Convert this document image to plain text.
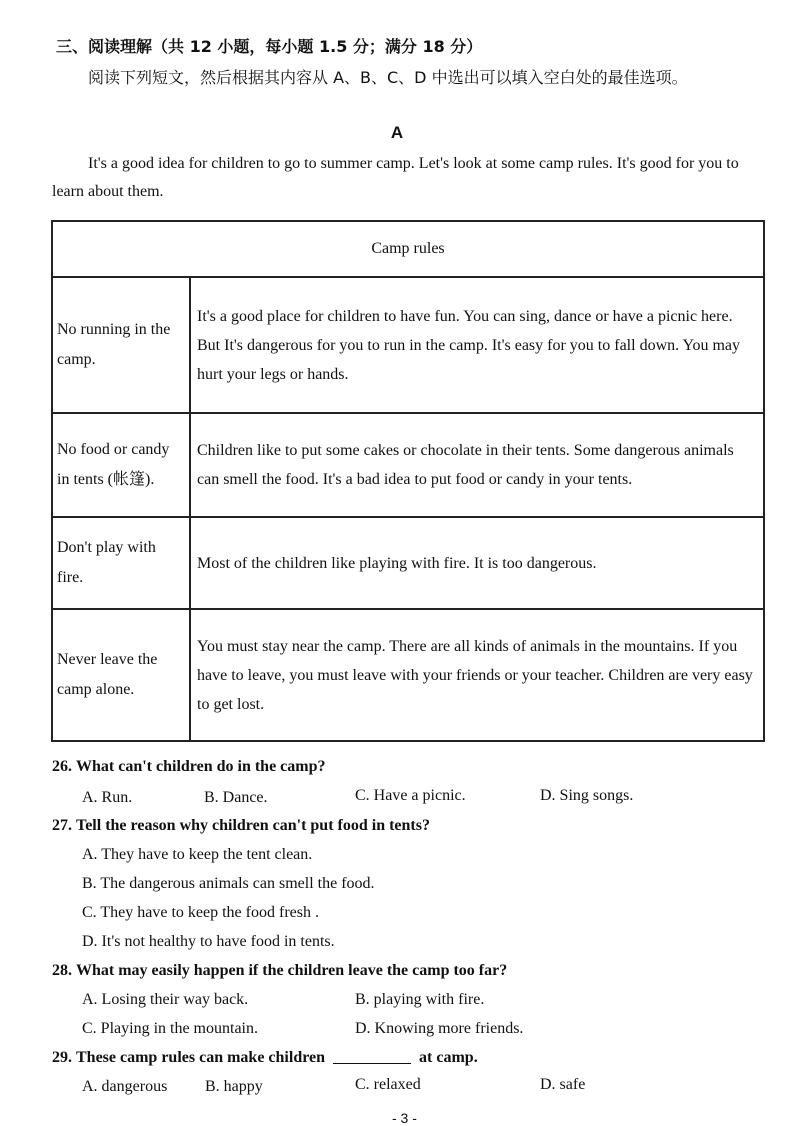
三、阅读理解（共 12 小题，每小题 1.5 分；满分 18 分）
阅读下列短文，然后根据其内容从 A、B、C、D 中选出可以填入空白处的最佳选项。
A
It's a good idea for children to go to summer camp. Let's look at some camp rules. It's good for you to learn about them.
Camp rules	
No running in the camp.	It's a good place for children to have fun. You can sing, dance or have a picnic here. But It's dangerous for you to run in the camp. It's easy for you to fall down. You may hurt your legs or hands.
No food or candy in tents (帐篷).	Children like to put some cakes or chocolate in their tents. Some dangerous animals can smell the food. It's a bad idea to put food or candy in your tents.
Don't play with fire.	Most of the children like playing with fire. It is too dangerous.
Never leave the camp alone.	You must stay near the camp. There are all kinds of animals in the mountains. If you have to leave, you must leave with your friends or your teacher. Children are very easy to get lost.
26. What can't children do in the camp?
A. Run.	B. Dance.	C. Have a picnic.	D. Sing songs.
27. Tell the reason why children can't put food in tents?
A. They have to keep the tent clean.
B. The dangerous animals can smell the food.
C. They have to keep the food fresh .
D. It's not healthy to have food in tents.
28. What may easily happen if the children leave the camp too far?
A. Losing their way back.	B. playing with fire.
C. Playing in the mountain.	D. Knowing more friends.
29. These camp rules can make children	at camp.
A. dangerous B. happy	C. relaxed	D. safe
- 3 -
